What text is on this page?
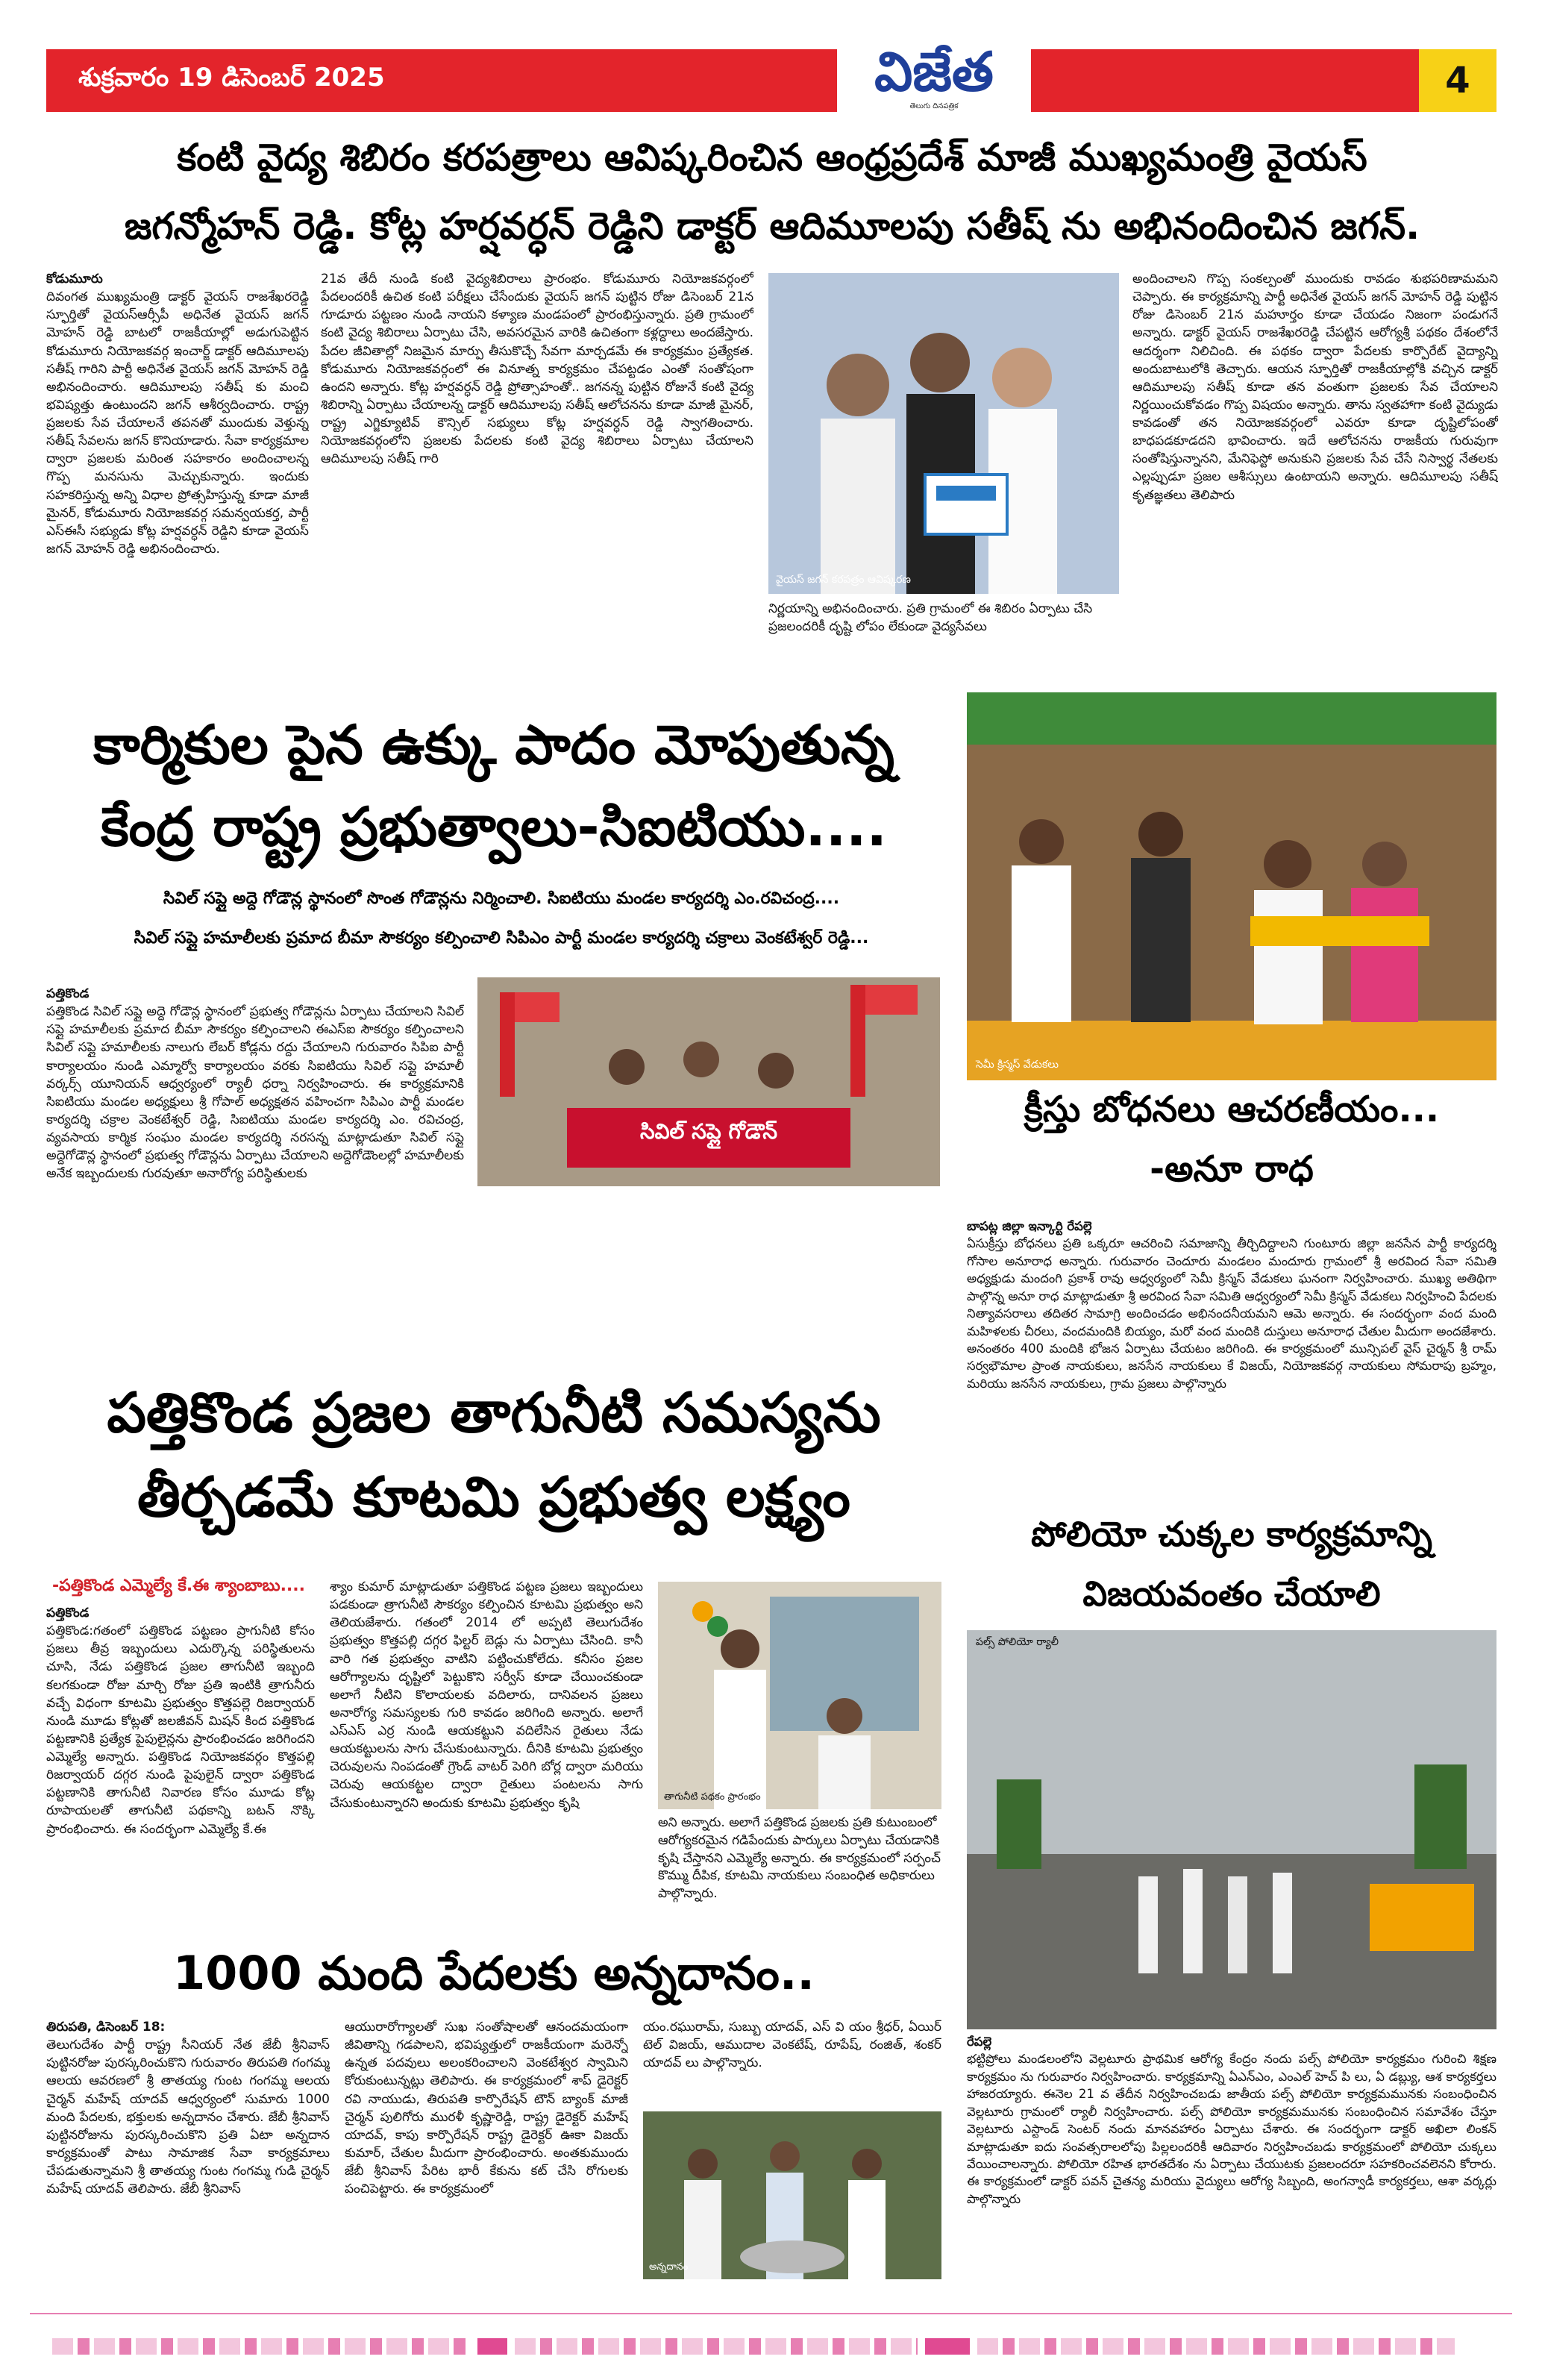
శుక్రవారం 19 డిసెంబర్ 2025	విజేత
తెలుగు దినపత్రిక
4
కంటి వైద్య శిబిరం కరపత్రాలు ఆవిష్కరించిన ఆంధ్రప్రదేశ్ మాజీ ముఖ్యమంత్రి వైయస్
జగన్మోహన్ రెడ్డి. కోట్ల హర్షవర్ధన్ రెడ్డిని డాక్టర్ ఆదిమూలపు సతీష్ ను అభినందించిన జగన్.
కోడుమూరు
దివంగత ముఖ్యమంత్రి డాక్టర్ వైయస్ రాజశేఖరరెడ్డి స్ఫూర్తితో వైయస్ఆర్సీపీ అధినేత వైయస్ జగన్ మోహన్ రెడ్డి బాటలో రాజకీయాల్లో అడుగుపెట్టిన కోడుమూరు నియోజకవర్గ ఇంచార్జ్ డాక్టర్ ఆదిమూలపు సతీష్ గారిని పార్టీ అధినేత వైయస్ జగన్ మోహన్ రెడ్డి అభినందించారు. ఆదిమూలపు సతీష్ కు మంచి భవిష్యత్తు ఉంటుందని జగన్ ఆశీర్వదించారు. రాష్ట్ర ప్రజలకు సేవ చేయాలనే తపనతో ముందుకు వెళ్తున్న సతీష్ సేవలను జగన్ కొనియాడారు. సేవా కార్యక్రమాల ద్వారా ప్రజలకు మరింత సహకారం అందించాలన్న గొప్ప మనసును మెచ్చుకున్నారు. ఇందుకు సహకరిస్తున్న అన్ని విధాల ప్రోత్సహిస్తున్న కూడా మాజీ మైనర్, కోడుమూరు నియోజకవర్గ సమన్వయకర్త, పార్టీ ఎస్ఈసీ సభ్యుడు కోట్ల హర్షవర్ధన్ రెడ్డిని కూడా వైయస్ జగన్ మోహన్ రెడ్డి అభినందించారు.
21వ తేదీ నుండి కంటి వైద్యశిబిరాలు ప్రారంభం. కోడుమూరు నియోజకవర్గంలో పేదలందరికీ ఉచిత కంటి పరీక్షలు చేసేందుకు వైయస్ జగన్ పుట్టిన రోజు డిసెంబర్ 21న గూడూరు పట్టణం నుండి నాయని కళ్యాణ మండపంలో ప్రారంభిస్తున్నారు. ప్రతి గ్రామంలో కంటి వైద్య శిబిరాలు ఏర్పాటు చేసి, అవసరమైన వారికి ఉచితంగా కళ్లద్దాలు అందజేస్తారు. పేదల జీవితాల్లో నిజమైన మార్పు తీసుకొచ్చే సేవగా మార్చడమే ఈ కార్యక్రమం ప్రత్యేకత. కోడుమూరు నియోజకవర్గంలో ఈ వినూత్న కార్యక్రమం చేపట్టడం ఎంతో సంతోషంగా ఉందని అన్నారు. కోట్ల హర్షవర్ధన్ రెడ్డి ప్రోత్సాహంతో.. జగనన్న పుట్టిన రోజునే కంటి వైద్య శిబిరాన్ని ఏర్పాటు చేయాలన్న డాక్టర్ ఆదిమూలపు సతీష్ ఆలోచనను కూడా మాజీ మైనర్, రాష్ట్ర ఎగ్జిక్యూటివ్ కౌన్సిల్ సభ్యులు కోట్ల హర్షవర్ధన్ రెడ్డి స్వాగతించారు. నియోజకవర్గంలోని ప్రజలకు పేదలకు కంటి వైద్య శిబిరాలు ఏర్పాటు చేయాలని ఆదిమూలపు సతీష్ గారి
వైయస్ జగన్ కరపత్రం ఆవిష్కరణ
నిర్ణయాన్ని అభినందించారు. ప్రతి గ్రామంలో ఈ శిబిరం ఏర్పాటు చేసి ప్రజలందరికీ దృష్టి లోపం లేకుండా వైద్యసేవలు
అందించాలని గొప్ప సంకల్పంతో ముందుకు రావడం శుభపరిణామమని చెప్పారు. ఈ కార్యక్రమాన్ని పార్టీ అధినేత వైయస్ జగన్ మోహన్ రెడ్డి పుట్టిన రోజు డిసెంబర్ 21న మహూర్తం కూడా చేయడం నిజంగా పండుగనే అన్నారు. డాక్టర్ వైయస్ రాజశేఖరరెడ్డి చేపట్టిన ఆరోగ్యశ్రీ పథకం దేశంలోనే ఆదర్శంగా నిలిచింది. ఈ పథకం ద్వారా పేదలకు కార్పొరేట్ వైద్యాన్ని అందుబాటులోకి తెచ్చారు. ఆయన స్ఫూర్తితో రాజకీయాల్లోకి వచ్చిన డాక్టర్ ఆదిమూలపు సతీష్ కూడా తన వంతుగా ప్రజలకు సేవ చేయాలని నిర్ణయించుకోవడం గొప్ప విషయం అన్నారు. తాను స్వతహాగా కంటి వైద్యుడు కావడంతో తన నియోజకవర్గంలో ఎవరూ కూడా దృష్టిలోపంతో బాధపడకూడదని భావించారు. ఇదే ఆలోచనను రాజకీయ గురువుగా సంతోషిస్తున్నానని, మేనిఫెస్టో అనుకుని ప్రజలకు సేవ చేసే నిస్వార్థ నేతలకు ఎల్లప్పుడూ ప్రజల ఆశీస్సులు ఉంటాయని అన్నారు. ఆదిమూలపు సతీష్ కృతజ్ఞతలు తెలిపారు
కార్మికుల పైన ఉక్కు పాదం మోపుతున్న
కేంద్ర రాష్ట్ర ప్రభుత్వాలు-సిఐటియు....
సివిల్ సప్లై అద్దె గోడౌన్ల స్థానంలో సొంత గోడౌన్లను నిర్మించాలి. సిఐటియు మండల కార్యదర్శి ఎం.రవిచంద్ర....
సివిల్ సప్లై హమాలీలకు ప్రమాద బీమా సౌకర్యం కల్పించాలి సిపిఎం పార్టీ మండల కార్యదర్శి చక్రాలు వెంకటేశ్వర్ రెడ్డి...
పత్తికొండ
పత్తికొండ సివిల్ సప్లై అద్దె గోడౌన్ల స్థానంలో ప్రభుత్వ గోడౌన్లను ఏర్పాటు చేయాలని సివిల్ సప్లై హమాలీలకు ప్రమాద బీమా సౌకర్యం కల్పించాలని ఈఎస్ఐ సౌకర్యం కల్పించాలని సివిల్ సప్లై హమాలీలకు నాలుగు లేబర్ కోడ్లను రద్దు చేయాలని గురువారం సిపిఐ పార్టీ కార్యాలయం నుండి ఎమ్మార్వో కార్యాలయం వరకు సిఐటియు సివిల్ సప్లై హమాలీ వర్కర్స్ యూనియన్ ఆధ్వర్యంలో ర్యాలీ ధర్నా నిర్వహించారు. ఈ కార్యక్రమానికి సిఐటియు మండల అధ్యక్షులు శ్రీ గోపాల్ అధ్యక్షతన వహించగా సిపిఎం పార్టీ మండల కార్యదర్శి చక్రాల వెంకటేశ్వర్ రెడ్డి, సిఐటియు మండల కార్యదర్శి ఎం. రవిచంద్ర, వ్యవసాయ కార్మిక సంఘం మండల కార్యదర్శి నరసన్న మాట్లాడుతూ సివిల్ సప్లై అద్దెగోడౌన్ల స్థానంలో ప్రభుత్వ గోడౌన్లను ఏర్పాటు చేయాలని అద్దెగోడౌంలల్లో హమాలీలకు అనేక ఇబ్బందులకు గురవుతూ అనారోగ్య పరిస్థితులకు
సివిల్ సప్లై గోడౌన్
సెమీ క్రిస్మస్ వేడుకలు
క్రీస్తు బోధనలు ఆచరణీయం...
-అనూ రాధ
బాపట్ల జిల్లా ఇన్కార్టి రేపల్లె
ఏసుక్రీస్తు బోధనలు ప్రతి ఒక్కరూ ఆచరించి సమాజాన్ని తీర్చిదిద్దాలని గుంటూరు జిల్లా జనసేన పార్టీ కార్యదర్శి గోసాల అనూరాధ అన్నారు. గురువారం చెందూరు మండలం మందూరు గ్రామంలో శ్రీ అరవింద సేవా సమితి అధ్యక్షుడు మందంగి ప్రకాశ్ రావు ఆధ్వర్యంలో సెమీ క్రిస్మస్ వేడుకలు ఘనంగా నిర్వహించారు. ముఖ్య అతిథిగా పాల్గొన్న అనూ రాధ మాట్లాడుతూ శ్రీ అరవింద సేవా సమితి ఆధ్వర్యంలో సెమీ క్రిస్మస్ వేడుకలు నిర్వహించి పేదలకు నిత్యావసరాలు తదితర సామాగ్రి అందించడం అభినందనీయమని ఆమె అన్నారు. ఈ సందర్భంగా వంద మంది మహిళలకు చీరలు, వందమందికి బియ్యం, మరో వంద మందికి దుస్తులు అనూరాధ చేతుల మీదుగా అందజేశారు. అనంతరం 400 మందికి భోజన ఏర్పాటు చేయటం జరిగింది. ఈ కార్యక్రమంలో మున్సిపల్ వైస్ చైర్మన్ శ్రీ రామ్ సర్వభౌమాల ప్రాంత నాయకులు, జనసేన నాయకులు కే విజయ్, నియోజకవర్గ నాయకులు సోమరాపు బ్రహ్మం, మరియు జనసేన నాయకులు, గ్రామ ప్రజలు పాల్గొన్నారు
పత్తికొండ ప్రజల తాగునీటి సమస్యను
తీర్చడమే కూటమి ప్రభుత్వ లక్ష్యం
-పత్తికొండ ఎమ్మెల్యే కే.ఈ శ్యాంబాబు....
పత్తికొండ
పత్తికొండ:గతంలో పత్తికొండ పట్టణం ప్రాగునీటి కోసం ప్రజలు తీవ్ర ఇబ్బందులు ఎదుర్కొన్న పరిస్థితులను చూసి, నేడు పత్తికొండ ప్రజల తాగునీటి ఇబ్బంది కలగకుండా రోజు మార్చి రోజు ప్రతి ఇంటికి త్రాగునీరు వచ్చే విధంగా కూటమి ప్రభుత్వం కొత్తపల్లె రిజర్వాయర్ నుండి మూడు కోట్లతో జలజీవన్ మిషన్ కింద పత్తికొండ పట్టణానికి ప్రత్యేక పైపులైన్లను ప్రారంభించడం జరిగిందని ఎమ్మెల్యే అన్నారు. పత్తికొండ నియోజకవర్గం కొత్తపల్లి రిజర్వాయర్ దగ్గర నుండి పైపులైన్ ద్వారా పత్తికొండ పట్టణానికి తాగునీటి నివారణ కోసం మూడు కోట్ల రూపాయలతో తాగునీటి పథకాన్ని బటన్ నొక్కి ప్రారంభించారు. ఈ సందర్భంగా ఎమ్మెల్యే కే.ఈ
శ్యాం కుమార్ మాట్లాడుతూ పత్తికొండ పట్టణ ప్రజలు ఇబ్బందులు పడకుండా త్రాగునీటి సౌకర్యం కల్పించిన కూటమి ప్రభుత్వం అని తెలియజేశారు. గతంలో 2014 లో అప్పటి తెలుగుదేశం ప్రభుత్వం కొత్తపల్లి దగ్గర ఫిల్టర్ బెడ్లు ను ఏర్పాటు చేసింది. కానీ వారి గత ప్రభుత్వం వాటిని పట్టించుకోలేదు. కనీసం ప్రజల ఆరోగ్యాలను దృష్టిలో పెట్టుకొని సర్వీస్ కూడా చేయించకుండా అలాగే నీటిని కొలాయలకు వదిలారు, దానివలన ప్రజలు అనారోగ్య సమస్యలకు గురి కావడం జరిగింది అన్నారు. అలాగే ఎస్ఎస్ ఎర్ర నుండి ఆయకట్టుని వదిలేసిన రైతులు నేడు ఆయకట్టులను సాగు చేసుకుంటున్నారు. దీనికి కూటమి ప్రభుత్వం చెరువులను నింపడంతో గ్రౌండ్ వాటర్ పెరిగి బోర్ల ద్వారా మరియు చెరువు ఆయకట్టల ద్వారా రైతులు పంటలను సాగు చేసుకుంటున్నారని అందుకు కూటమి ప్రభుత్వం కృషి	తాగునీటి పథకం ప్రారంభం
అని అన్నారు. అలాగే పత్తికొండ ప్రజలకు ప్రతి కుటుంబంలో ఆరోగ్యకరమైన గడిపేందుకు పార్కులు ఏర్పాటు చేయడానికి కృషి చేస్తానని ఎమ్మెల్యే అన్నారు. ఈ కార్యక్రమంలో సర్పంచ్ కొమ్ము దీపిక, కూటమి నాయకులు సంబంధిత అధికారులు పాల్గొన్నారు.
పోలియో చుక్కల కార్యక్రమాన్ని
విజయవంతం చేయాలి
పల్స్ పోలియో ర్యాలీ
రేపల్లె
భట్టిప్రోలు మండలంలోని వెల్లటూరు ప్రాథమిక ఆరోగ్య కేంద్రం నందు పల్స్ పోలియో కార్యక్రమం గురించి శిక్షణ కార్యక్రమం ను గురువారం నిర్వహించారు. కార్యక్రమాన్ని ఏఎన్ఎం, ఎంఎల్ హెచ్ పి లు, ఏ డబ్ల్యు, ఆశ కార్యకర్తలు హాజరయ్యారు. ఈనెల 21 వ తేదీన నిర్వహించబడు జాతీయ పల్స్ పోలియో కార్యక్రమమునకు సంబంధించిన వెల్లటూరు గ్రామంలో ర్యాలీ నిర్వహించారు. పల్స్ పోలియో కార్యక్రమమునకు సంబంధించిన సమావేశం చేస్తూ వెల్లటూరు ఎస్టాండ్ సెంటర్ నందు మానవహారం ఏర్పాటు చేశారు. ఈ సందర్భంగా డాక్టర్ అఖిలా లింకన్ మాట్లాడుతూ ఐదు సంవత్సరాలలోపు పిల్లలందరికీ ఆదివారం నిర్వహించబడు కార్యక్రమంలో పోలియో చుక్కలు వేయించాలన్నారు. పోలియో రహిత భారతదేశం ను ఏర్పాటు చేయుటకు ప్రజలందరూ సహకరించవలెనని కోరారు. ఈ కార్యక్రమంలో డాక్టర్ పవన్ చైతన్య మరియు వైద్యులు ఆరోగ్య సిబ్బంది, అంగన్వాడీ కార్యకర్తలు, ఆశా వర్కర్లు పాల్గొన్నారు
1000 మంది పేదలకు అన్నదానం..
తిరుపతి, డిసెంబర్ 18:
తెలుగుదేశం పార్టీ రాష్ట్ర సీనియర్ నేత జేబీ శ్రీనివాస్ పుట్టినరోజు పురస్కరించుకొని గురువారం తిరుపతి గంగమ్మ ఆలయ ఆవరణలో శ్రీ తాతయ్య గుంట గంగమ్మ ఆలయ చైర్మన్ మహేష్ యాదవ్ ఆధ్వర్యంలో సుమారు 1000 మంది పేదలకు, భక్తులకు అన్నదానం చేశారు. జేబీ శ్రీనివాస్ పుట్టినరోజును పురస్కరించుకొని ప్రతి ఏటా అన్నదాన కార్యక్రమంతో పాటు సామాజిక సేవా కార్యక్రమాలు చేపడుతున్నామని శ్రీ తాతయ్య గుంట గంగమ్మ గుడి చైర్మన్ మహేష్ యాదవ్ తెలిపారు. జేబీ శ్రీనివాస్
ఆయురారోగ్యాలతో సుఖ సంతోషాలతో ఆనందమయంగా జీవితాన్ని గడపాలని, భవిష్యత్తులో రాజకీయంగా మరెన్నో ఉన్నత పదవులు అలంకరించాలని వెంకటేశ్వర స్వామిని కోరుకుంటున్నట్లు తెలిపారు. ఈ కార్యక్రమంలో శాప్ డైరెక్టర్ రవి నాయుడు, తిరుపతి కార్పొరేషన్ టౌన్ బ్యాంక్ మాజీ చైర్మన్ పులిగోరు మురళీ కృష్ణారెడ్డి, రాష్ట్ర డైరెక్టర్ మహేష్ యాదవ్, కాపు కార్పొరేషన్ రాష్ట్ర డైరెక్టర్ ఊకా విజయ్ కుమార్, చేతుల మీదుగా ప్రారంభించారు. అంతకుముందు జేబీ శ్రీనివాస్ పేరిట భారీ కేకును కట్ చేసి రోగులకు పంచిపెట్టారు. ఈ కార్యక్రమంలో
యం.రఘురామ్, సుబ్బు యాదవ్, ఎస్ వి యం శ్రీధర్, ఏయిర్ టెల్ విజయ్, ఆముదాల వెంకటేష్, రూపేష్, రంజిత్, శంకర్ యాదవ్ లు పాల్గొన్నారు.
అన్నదానం
